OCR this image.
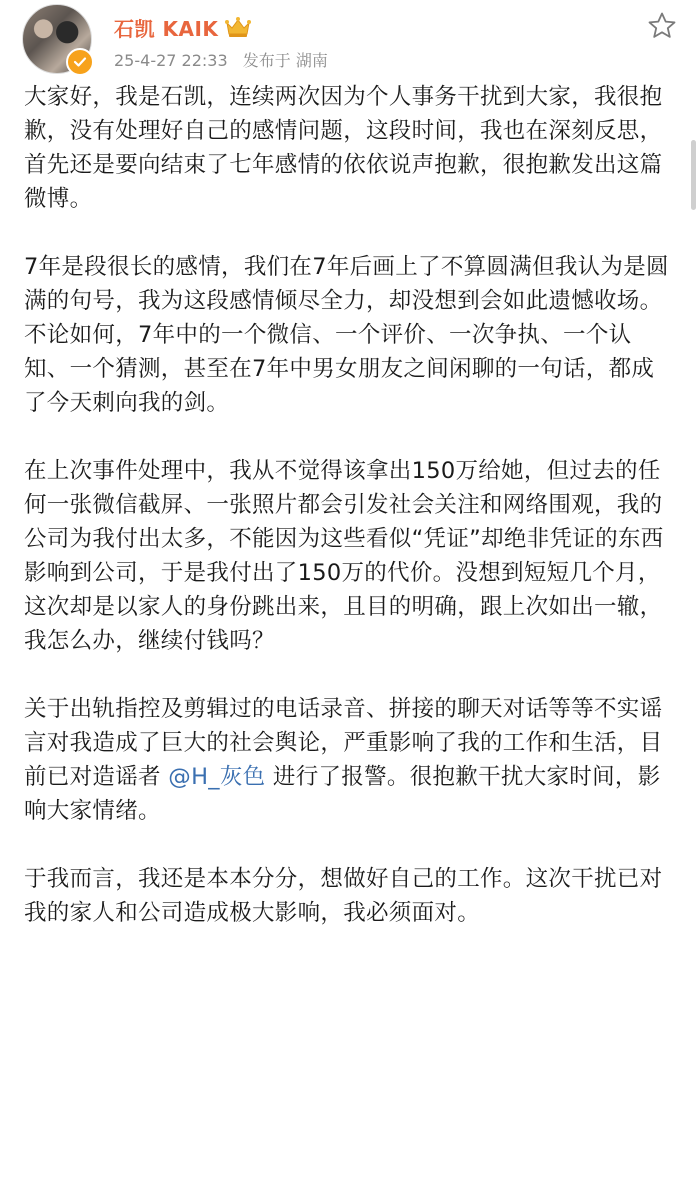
石凯 KAIK
25-4-27 22:33 发布于 湖南

大家好，我是石凯，连续两次因为个人事务干扰到大家，我很抱歉，没有处理好自己的感情问题，这段时间，我也在深刻反思，首先还是要向结束了七年感情的依依说声抱歉，很抱歉发出这篇微博。

7年是段很长的感情，我们在7年后画上了不算圆满但我认为是圆满的句号，我为这段感情倾尽全力，却没想到会如此遗憾收场。不论如何，7年中的一个微信、一个评价、一次争执、一个认知、一个猜测，甚至在7年中男女朋友之间闲聊的一句话，都成了今天刺向我的剑。

在上次事件处理中，我从不觉得该拿出150万给她，但过去的任何一张微信截屏、一张照片都会引发社会关注和网络围观，我的公司为我付出太多，不能因为这些看似“凭证”却绝非凭证的东西影响到公司，于是我付出了150万的代价。没想到短短几个月，这次却是以家人的身份跳出来，且目的明确，跟上次如出一辙，我怎么办，继续付钱吗？

关于出轨指控及剪辑过的电话录音、拼接的聊天对话等等不实谣言对我造成了巨大的社会舆论，严重影响了我的工作和生活，目前已对造谣者 @H_灰色 进行了报警。很抱歉干扰大家时间，影响大家情绪。

于我而言，我还是本本分分，想做好自己的工作。这次干扰已对我的家人和公司造成极大影响，我必须面对。
